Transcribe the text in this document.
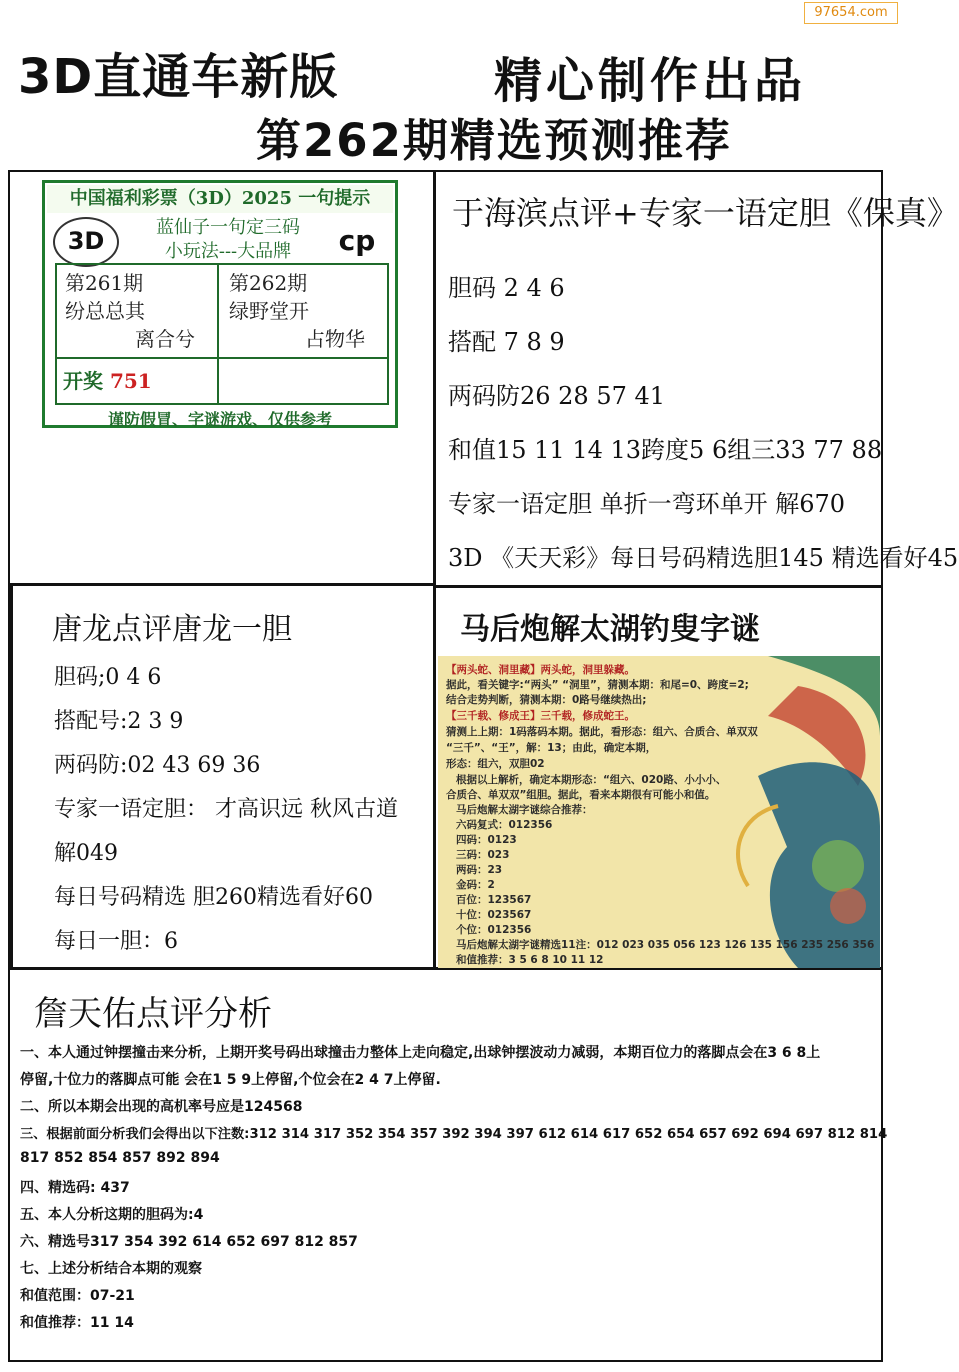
97654.com
3D直通车新版	精心制作出品
第262期精选预测推荐
中国福利彩票（3D）2025 一句提示
3D	cp
蓝仙子一句定三码
小玩法---大品牌
第261期
纷总总其
离合兮
第262期
绿野堂开
占物华
开奖 751
谨防假冒、字谜游戏、仅供参考
于海滨点评+专家一语定胆《保真》
胆码 2 4 6
搭配 7 8 9
两码防26 28 57 41
和值15 11 14 13跨度5 6组三33 77 88
专家一语定胆 单折一弯环单开 解670
3D 《天天彩》每日号码精选胆145 精选看好45
唐龙点评唐龙一胆
胆码;0 4 6
搭配号:2 3 9
两码防:02 43 69 36
专家一语定胆： 才高识远 秋风古道
解049
每日号码精选 胆260精选看好60
每日一胆：6
马后炮解太湖钓叟字谜
【两头蛇、洞里藏】两头蛇，洞里躲藏。
据此，看关键字:“两头” “洞里”，猜测本期：和尾=0、跨度=2;
结合走势判断，猜测本期：0路号继续热出;
【三千载、修成王】三千载，修成蛇王。
猜测上上期：1码落码本期。据此，看形态：组六、合质合、单双双
“三千”、“王”，解：13；由此，确定本期，
形态：组六，双胆02
根据以上解析，确定本期形态：“组六、020路、小小小、
合质合、单双双”组胆。据此，看来本期很有可能小和值。
马后炮解太湖字谜综合推荐：
六码复式：012356
四码：0123
三码：023
两码：23
金码：2
百位：123567
十位：023567
个位：012356
马后炮解太湖字谜精选11注：012 023 035 056 123 126 135 156 235 256 356
和值推荐：3 5 6 8 10 11 12
詹天佑点评分析
一、本人通过钟摆撞击来分析，上期开奖号码出球撞击力整体上走向稳定,出球钟摆波动力减弱，本期百位力的落脚点会在3 6 8上
停留,十位力的落脚点可能 会在1 5 9上停留,个位会在2 4 7上停留.
二、所以本期会出现的高机率号应是124568
三、根据前面分析我们会得出以下注数:312 314 317 352 354 357 392 394 397 612 614 617 652 654 657 692 694 697 812 814
817 852 854 857 892 894
四、精选码: 437
五、本人分析这期的胆码为:4
六、精选号317 354 392 614 652 697 812 857
七、上述分析结合本期的观察
和值范围：07-21
和值推荐：11 14
